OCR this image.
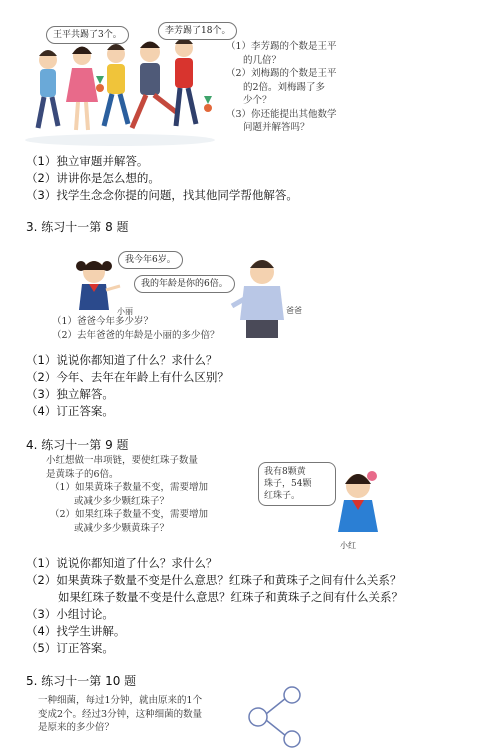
王平共踢了3个。	李芳踢了18个。
（1）李芳踢的个数是王平
的几倍？
（2）刘梅踢的个数是王平
的2倍。刘梅踢了多
少个？
（3）你还能提出其他数学
问题并解答吗？
（1）独立审题并解答。
（2）讲讲你是怎么想的。
（3）找学生念念你提的问题，找其他同学帮他解答。
3. 练习十一第 8 题
我今年6岁。
我的年龄是你的6倍。
小丽	爸爸
（1）爸爸今年多少岁？
（2）去年爸爸的年龄是小丽的多少倍？
（1）说说你都知道了什么？求什么？
（2）今年、去年在年龄上有什么区别？
（3）独立解答。
（4）订正答案。
4. 练习十一第 9 题
小红想做一串项链，要使红珠子数量
是黄珠子的6倍。
（1）如果黄珠子数量不变，需要增加
或减少多少颗红珠子？
（2）如果红珠子数量不变，需要增加
或减少多少颗黄珠子？
我有8颗黄
珠子，54颗
红珠子。
小红
（1）说说你都知道了什么？求什么？
（2）如果黄珠子数量不变是什么意思？红珠子和黄珠子之间有什么关系？
如果红珠子数量不变是什么意思？红珠子和黄珠子之间有什么关系？
（3）小组讨论。
（4）找学生讲解。
（5）订正答案。
5. 练习十一第 10 题
一种细菌，每过1分钟，就由原来的1个
变成2个。经过3分钟，这种细菌的数量
是原来的多少倍？
